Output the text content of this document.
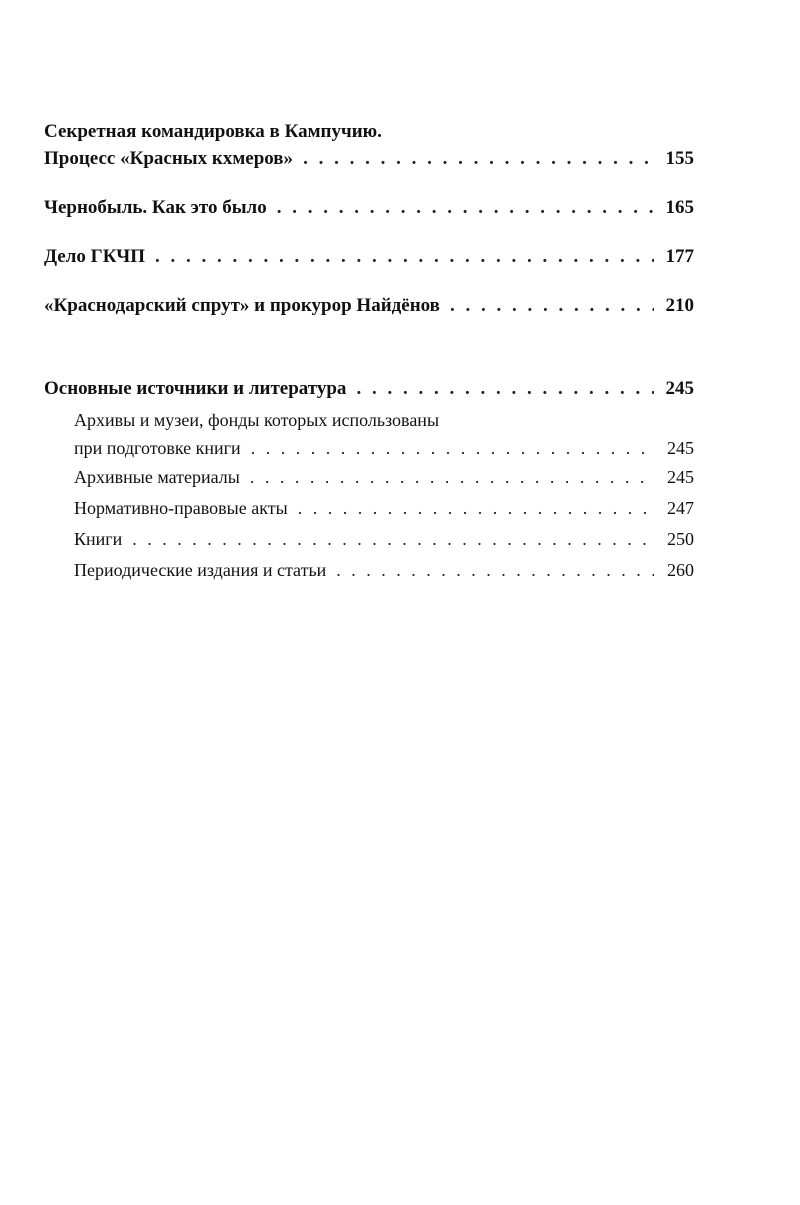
Секретная командировка в Кампучию.
Процесс «Красных кхмеров» . . .	155
Чернобыль. Как это было . . .	165
Дело ГКЧП . . .	177
«Краснодарский спрут» и прокурор Найдёнов . . .	210
Основные источники и литература . . .	245
Архивы и музеи, фонды которых использованы
при подготовке книги . . .	245
Архивные материалы . . .	245
Нормативно-правовые акты . . .	247
Книги . . .	250
Периодические издания и статьи . . .	260
